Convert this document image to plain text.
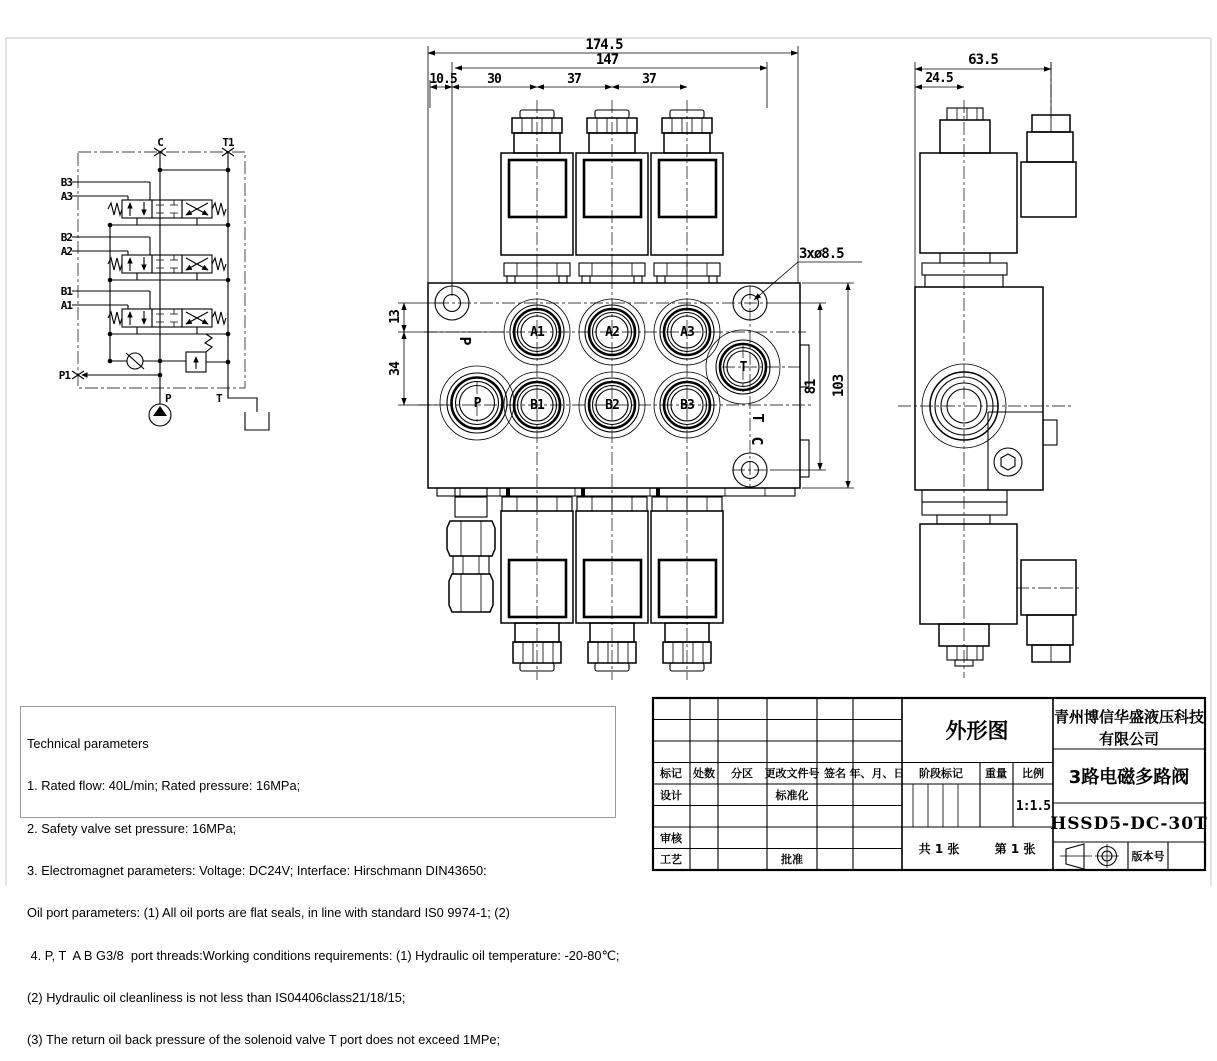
C	T1
B3
A3
B2
A2
B1
A1
P1
P	T
174.5
147
10.5 30	37	37
63.5
24.5
A1	A2	A3
P	B1	B2	B3
T
P
T
C
13
34
81 103
3xø8.5
标记 处数 分区 更改文件号 签名 年、月、日
设计	标准化
审核
工艺	批准
外形图
阶段标记 重量 比例
1:1.5
共 1 张	第 1 张
青州博信华盛液压科技
有限公司
3路电磁多路阀
HSSD5-DC-30T
版本号

Technical parameters

1. Rated flow: 40L/min; Rated pressure: 16MPa;

2. Safety valve set pressure: 16MPa;

3. Electromagnet parameters: Voltage: DC24V; Interface: Hirschmann DIN43650:

Oil port parameters: (1) All oil ports are flat seals, in line with standard IS0 9974-1; (2)

4. P, T  A B G3/8  port threads:Working conditions requirements: (1) Hydraulic oil temperature: -20-80℃;

(2) Hydraulic oil cleanliness is not less than IS04406class21/18/15;

(3) The return oil back pressure of the solenoid valve T port does not exceed 1MPe;
